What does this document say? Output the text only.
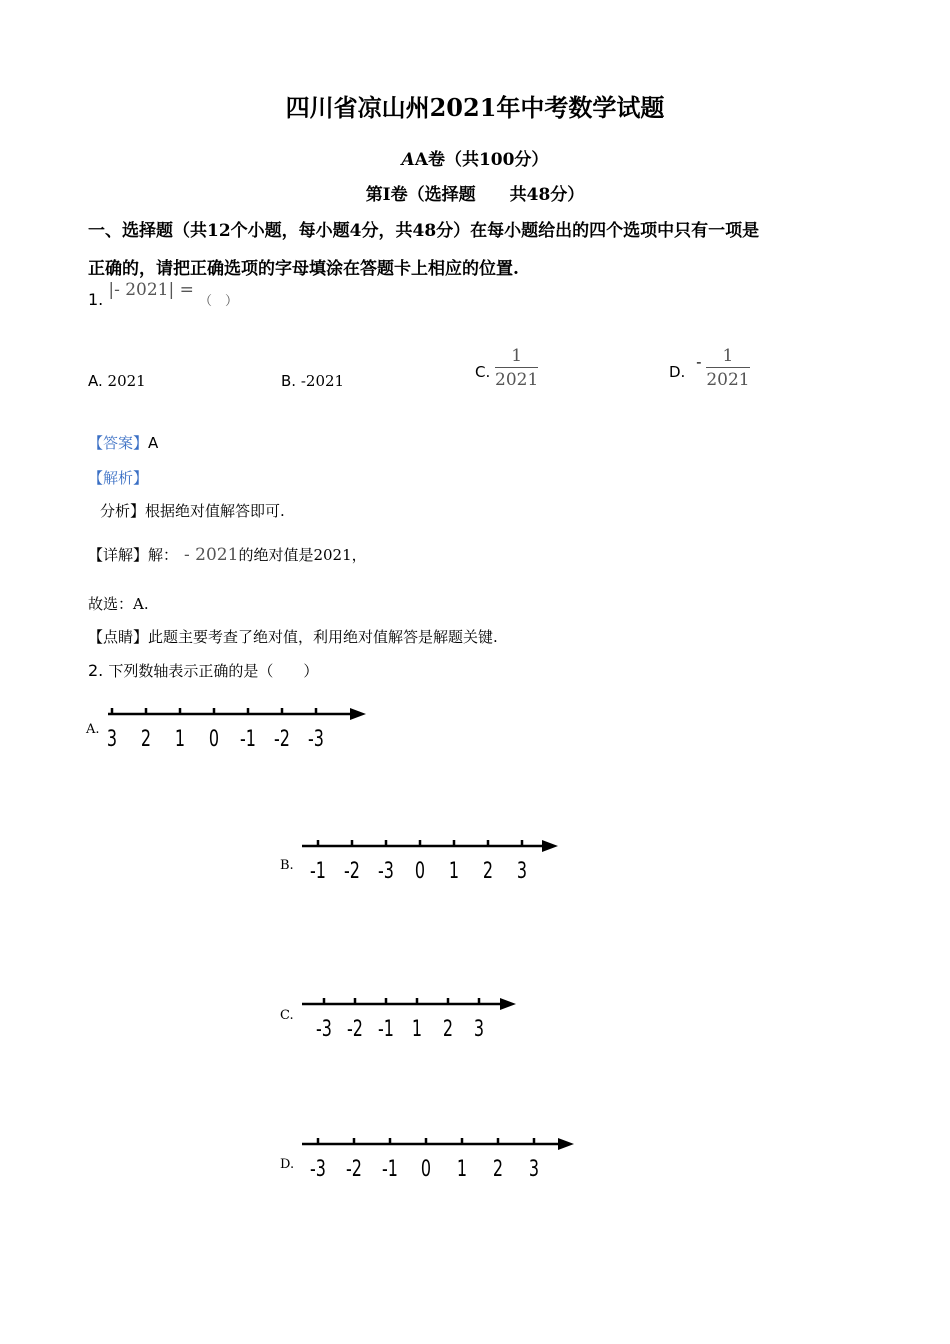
四川省凉山州2021年中考数学试题
AA卷（共100分）
第I卷（选择题　　共48分）
一、选择题（共12个小题，每小题4分，共48分）在每小题给出的四个选项中只有一项是
正确的，请把正确选项的字母填涂在答题卡上相应的位置.
1. |- 2021| = （　）
A. 2021	B. -2021
C. $\frac{1}{2021}$	D. - $\frac{1}{2021}$
【答案】A
【解析】
分析】根据绝对值解答即可.
【详解】解： - 2021的绝对值是2021，
故选：A.
【点睛】此题主要考查了绝对值，利用绝对值解答是解题关键.
2. 下列数轴表示正确的是（　　）
A. 3 2 1 0 -1 -2 -3
B. -1 -2 -3 0 1 2 3
C. -3 -2 -1 1 2 3
D. -3 -2 -1 0 1 2 3
